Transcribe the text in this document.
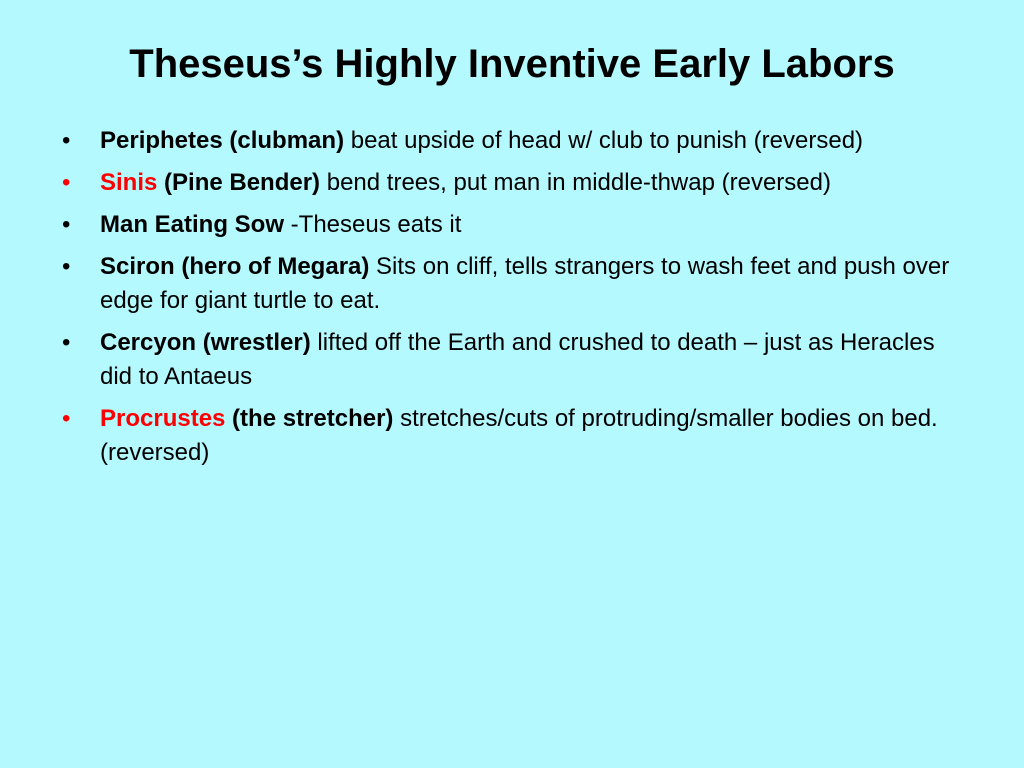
Theseus’s Highly Inventive Early Labors
•	Periphetes (clubman) beat upside of head w/ club to punish (reversed)
•	Sinis (Pine Bender) bend trees, put man in middle-thwap (reversed)
•	Man Eating Sow -Theseus eats it
•	Sciron (hero of Megara) Sits on cliff, tells strangers to wash feet and push over edge for giant turtle to eat.
•	Cercyon (wrestler) lifted off the Earth and crushed to death – just as Heracles did to Antaeus
•	Procrustes (the stretcher) stretches/cuts of protruding/smaller bodies on bed. (reversed)
